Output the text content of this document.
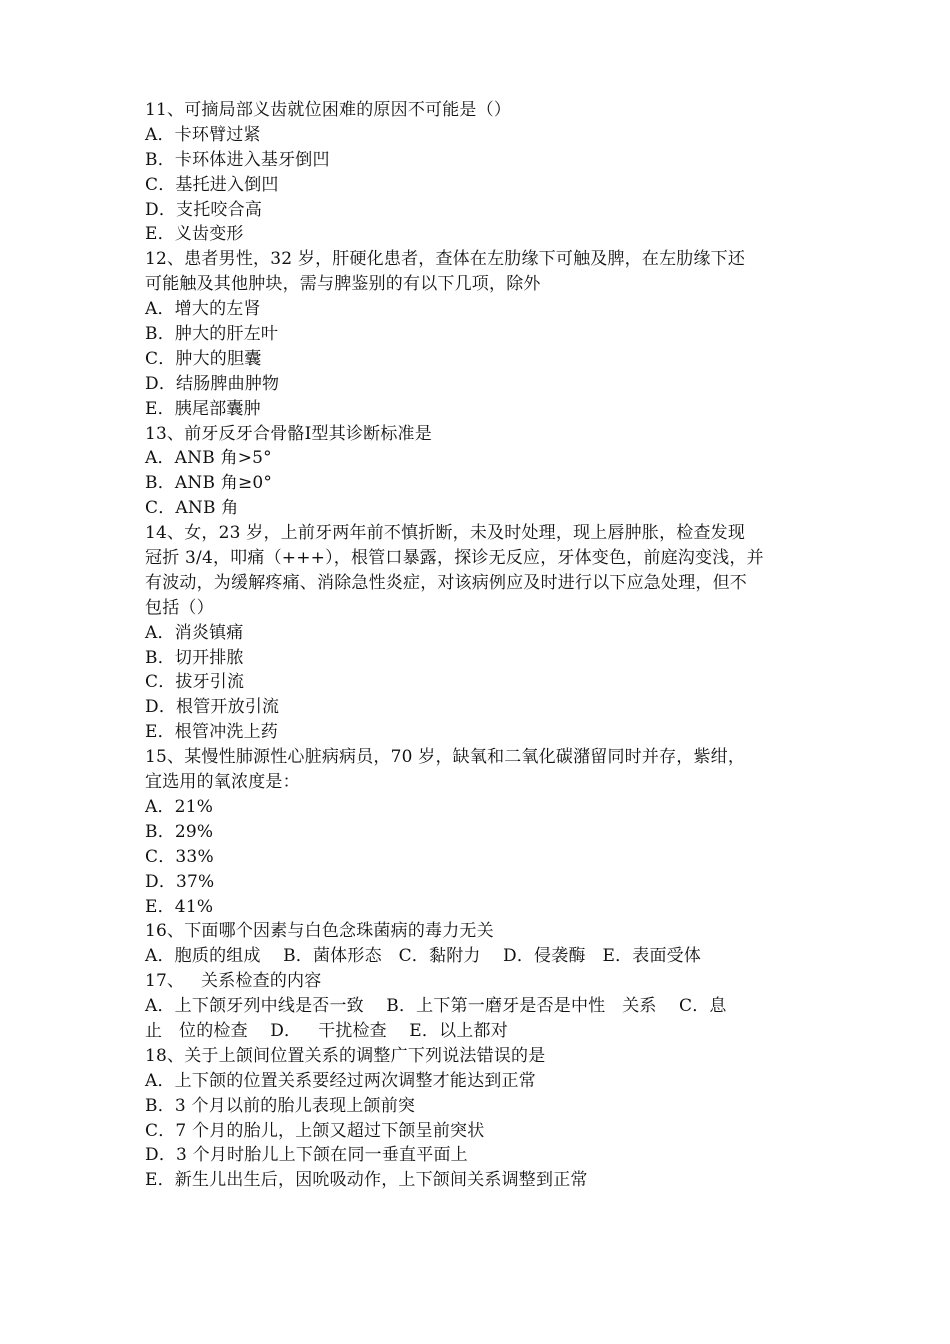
11、可摘局部义齿就位困难的原因不可能是（）
A．卡环臂过紧
B．卡环体进入基牙倒凹
C．基托进入倒凹
D．支托咬合高
E．义齿变形
12、患者男性，32 岁，肝硬化患者，查体在左肋缘下可触及脾，在左肋缘下还
可能触及其他肿块，需与脾鉴别的有以下几项，除外
A．增大的左肾
B．肿大的肝左叶
C．肿大的胆囊
D．结肠脾曲肿物
E．胰尾部囊肿
13、前牙反牙合骨骼Ⅰ型其诊断标准是
A．ANB 角>5°
B．ANB 角≥0°
C．ANB 角
14、女，23 岁，上前牙两年前不慎折断，未及时处理，现上唇肿胀，检查发现
冠折 3/4，叩痛（+++），根管口暴露，探诊无反应，牙体变色，前庭沟变浅，并
有波动，为缓解疼痛、消除急性炎症，对该病例应及时进行以下应急处理，但不
包括（）
A．消炎镇痛
B．切开排脓
C．拔牙引流
D．根管开放引流
E．根管冲洗上药
15、某慢性肺源性心脏病病员，70 岁，缺氧和二氧化碳潴留同时并存，紫绀，
宜选用的氧浓度是：
A．21%
B．29%
C．33%
D．37%
E．41%
16、下面哪个因素与白色念珠菌病的毒力无关
A．胞质的组成    B．菌体形态   C．黏附力    D．侵袭酶   E．表面受体
17、   关系检查的内容
A．上下颌牙列中线是否一致    B．上下第一磨牙是否是中性   关系    C．息
止   位的检查    D．   干扰检查    E．以上都对
18、关于上颌间位置关系的调整广下列说法错误的是
A．上下颌的位置关系要经过两次调整才能达到正常
B．3 个月以前的胎儿表现上颌前突
C．7 个月的胎儿，上颌又超过下颌呈前突状
D．3 个月时胎儿上下颌在同一垂直平面上
E．新生儿出生后，因吮吸动作，上下颌间关系调整到正常
